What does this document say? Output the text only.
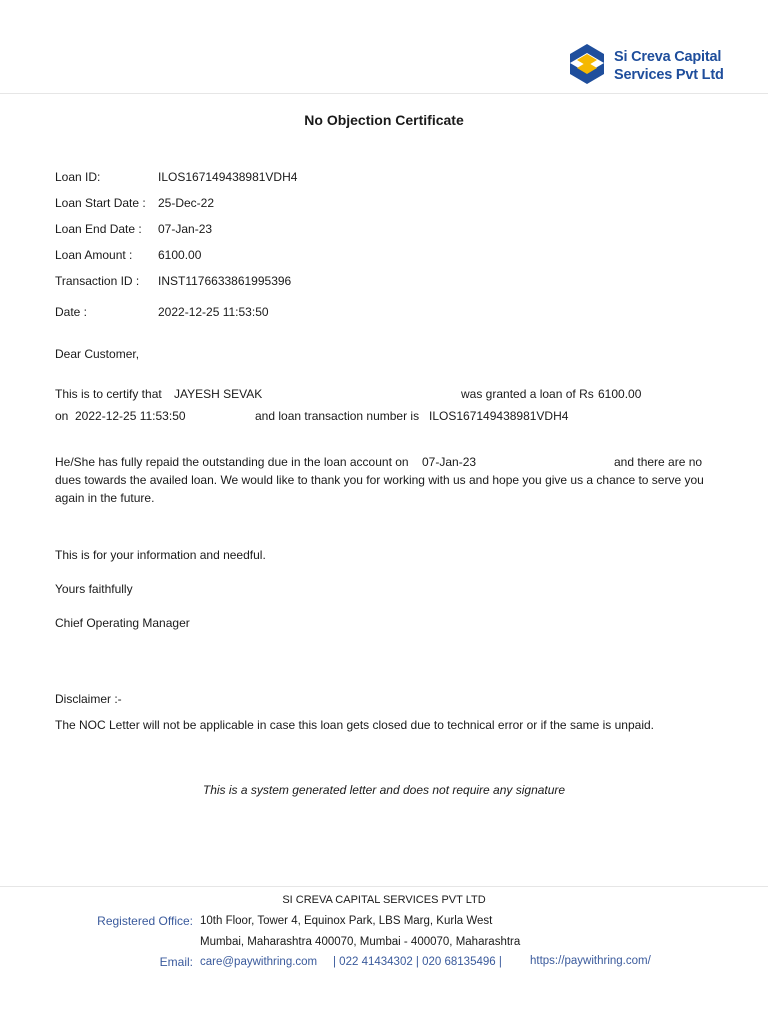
Si Creva Capital
Services Pvt Ltd
No Objection Certificate
Loan ID:	ILOS167149438981VDH4
Loan Start Date : 25-Dec-22
Loan End Date : 07-Jan-23
Loan Amount : 6100.00
Transaction ID : INST1176633861995396
Date :	2022-12-25 11:53:50
Dear Customer,
This is to certify that JAYESH SEVAK	was granted a loan of Rs 6100.00
on 2022-12-25 11:53:50	and loan transaction number is ILOS167149438981VDH4
He/She has fully repaid the outstanding due in the loan account on 07-Jan-23	and there are no
dues towards the availed loan. We would like to thank you for working with us and hope you give us a chance to serve you again in the future.
This is for your information and needful.
Yours faithfully
Chief Operating Manager
Disclaimer :-
The NOC Letter will not be applicable in case this loan gets closed due to technical error or if the same is unpaid.
This is a system generated letter and does not require any signature
SI CREVA CAPITAL SERVICES PVT LTD
Registered Office: 10th Floor, Tower 4, Equinox Park, LBS Marg, Kurla West
Mumbai, Maharashtra 400070, Mumbai - 400070, Maharashtra
Email: care@paywithring.com | 022 41434302 | 020 68135496 | https://paywithring.com/
